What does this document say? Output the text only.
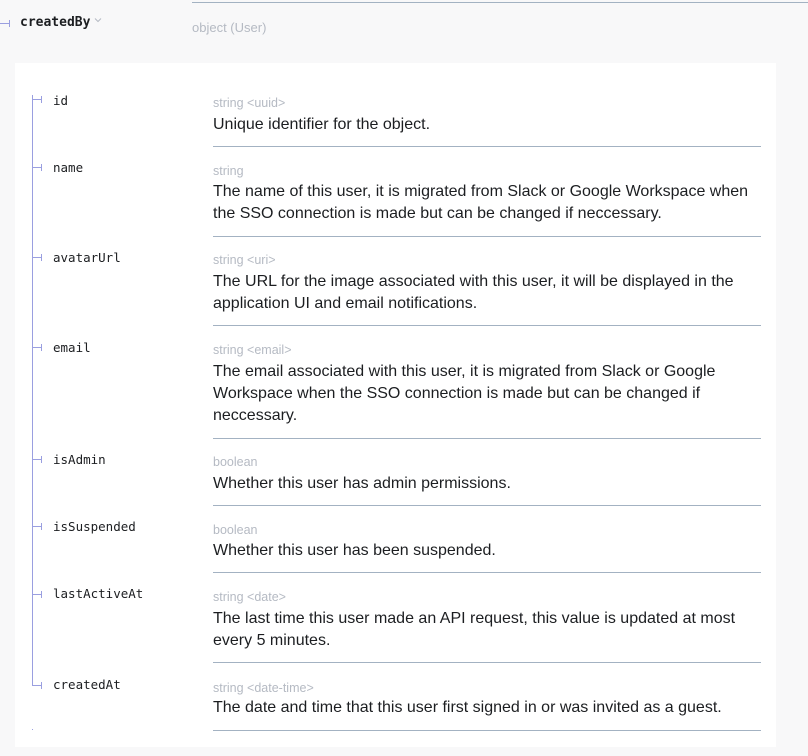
createdBy	object (User)
id	string <uuid>
Unique identifier for the object.
name	string
The name of this user, it is migrated from Slack or Google Workspace when the SSO connection is made but can be changed if neccessary.
avatarUrl	string <uri>
The URL for the image associated with this user, it will be displayed in the application UI and email notifications.
email	string <email>
The email associated with this user, it is migrated from Slack or Google Workspace when the SSO connection is made but can be changed if neccessary.
isAdmin	boolean
Whether this user has admin permissions.
isSuspended	boolean
Whether this user has been suspended.
lastActiveAt	string <date>
The last time this user made an API request, this value is updated at most every 5 minutes.
createdAt	string <date-time>
The date and time that this user first signed in or was invited as a guest.
